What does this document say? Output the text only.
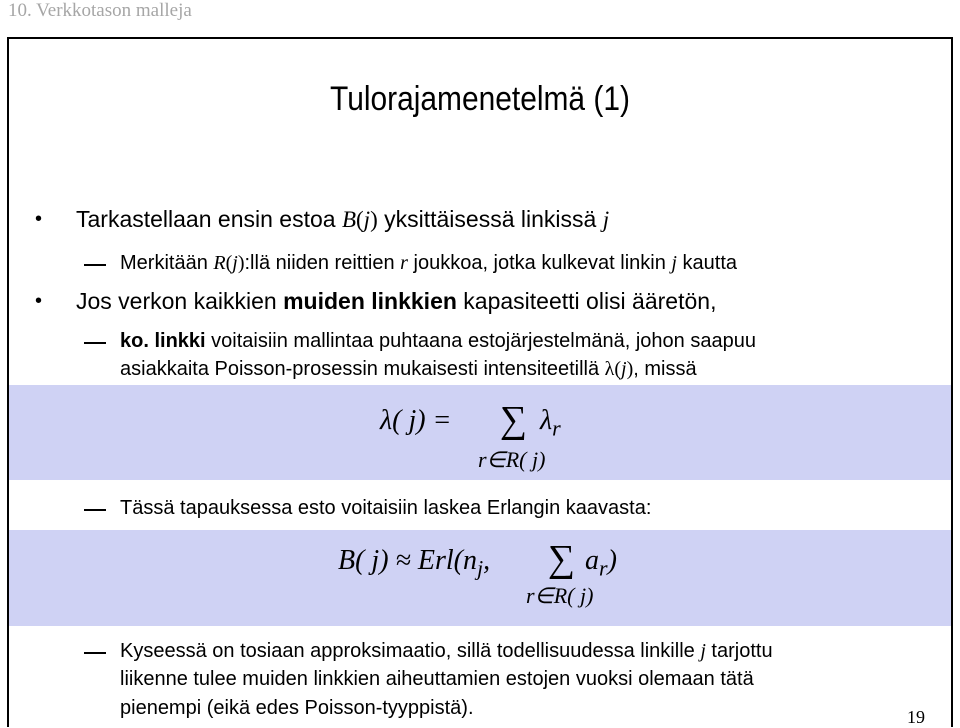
10. Verkkotason malleja
Tulorajamenetelmä (1)
• Tarkastellaan ensin estoa B(j) yksittäisessä linkissä j
Merkitään R(j):llä niiden reittien r joukkoa, jotka kulkevat linkin j kautta
• Jos verkon kaikkien muiden linkkien kapasiteetti olisi ääretön,
ko. linkki voitaisiin mallintaa puhtaana estojärjestelmänä, johon saapuu
asiakkaita Poisson-prosessin mukaisesti intensiteetillä λ(j), missä
λ( j) = ∑ $\lambda_r$
r∈R( j)
Tässä tapauksessa esto voitaisiin laskea Erlangin kaavasta:
B( $j) \approx Erl(n_j$, ∑ $a_r$)
r∈R( j)
Kyseessä on tosiaan approksimaatio, sillä todellisuudessa linkille j tarjottu
liikenne tulee muiden linkkien aiheuttamien estojen vuoksi olemaan tätä
pienempi (eikä edes Poisson-tyyppistä).	19
